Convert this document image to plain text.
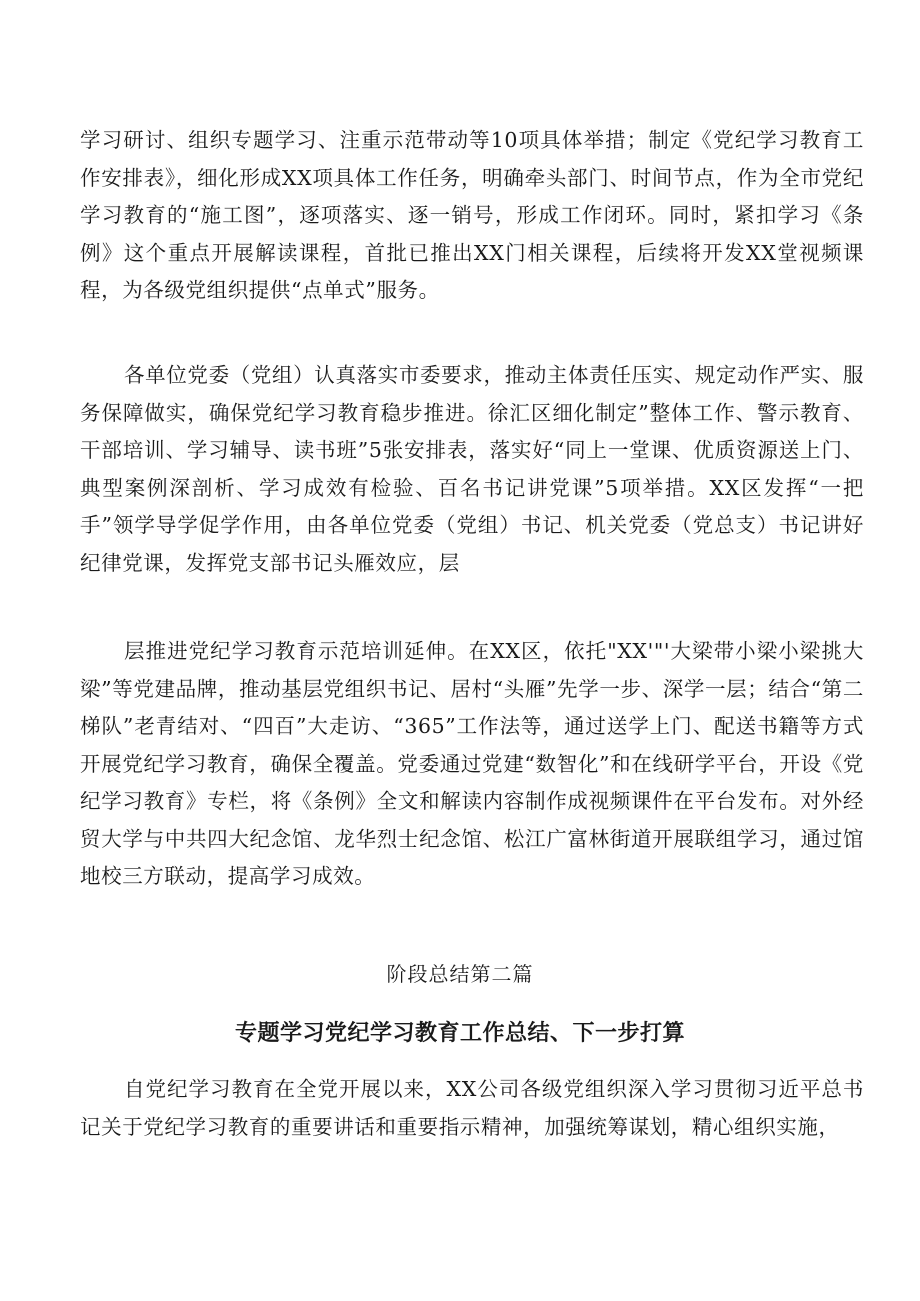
学习研讨、组织专题学习、注重示范带动等10项具体举措；制定《党纪学习教育工作安排表》，细化形成XX项具体工作任务，明确牵头部门、时间节点，作为全市党纪学习教育的“施工图”，逐项落实、逐一销号，形成工作闭环。同时，紧扣学习《条例》这个重点开展解读课程，首批已推出XX门相关课程，后续将开发XX堂视频课程，为各级党组织提供“点单式”服务。

各单位党委（党组）认真落实市委要求，推动主体责任压实、规定动作严实、服务保障做实，确保党纪学习教育稳步推进。徐汇区细化制定”整体工作、警示教育、干部培训、学习辅导、读书班”5张安排表，落实好“同上一堂课、优质资源送上门、典型案例深剖析、学习成效有检验、百名书记讲党课”5项举措。XX区发挥“一把手”领学导学促学作用，由各单位党委（党组）书记、机关党委（党总支）书记讲好纪律党课，发挥党支部书记头雁效应，层

层推进党纪学习教育示范培训延伸。在XX区，依托"XX'"'大梁带小梁小梁挑大梁”等党建品牌，推动基层党组织书记、居村“头雁”先学一步、深学一层；结合“第二梯队”老青结对、“四百”大走访、“365”工作法等，通过送学上门、配送书籍等方式开展党纪学习教育，确保全覆盖。党委通过党建“数智化”和在线研学平台，开设《党纪学习教育》专栏，将《条例》全文和解读内容制作成视频课件在平台发布。对外经贸大学与中共四大纪念馆、龙华烈士纪念馆、松江广富林街道开展联组学习，通过馆地校三方联动，提高学习成效。

阶段总结第二篇

专题学习党纪学习教育工作总结、下一步打算

自党纪学习教育在全党开展以来，XX公司各级党组织深入学习贯彻习近平总书记关于党纪学习教育的重要讲话和重要指示精神，加强统筹谋划，精心组织实施，
